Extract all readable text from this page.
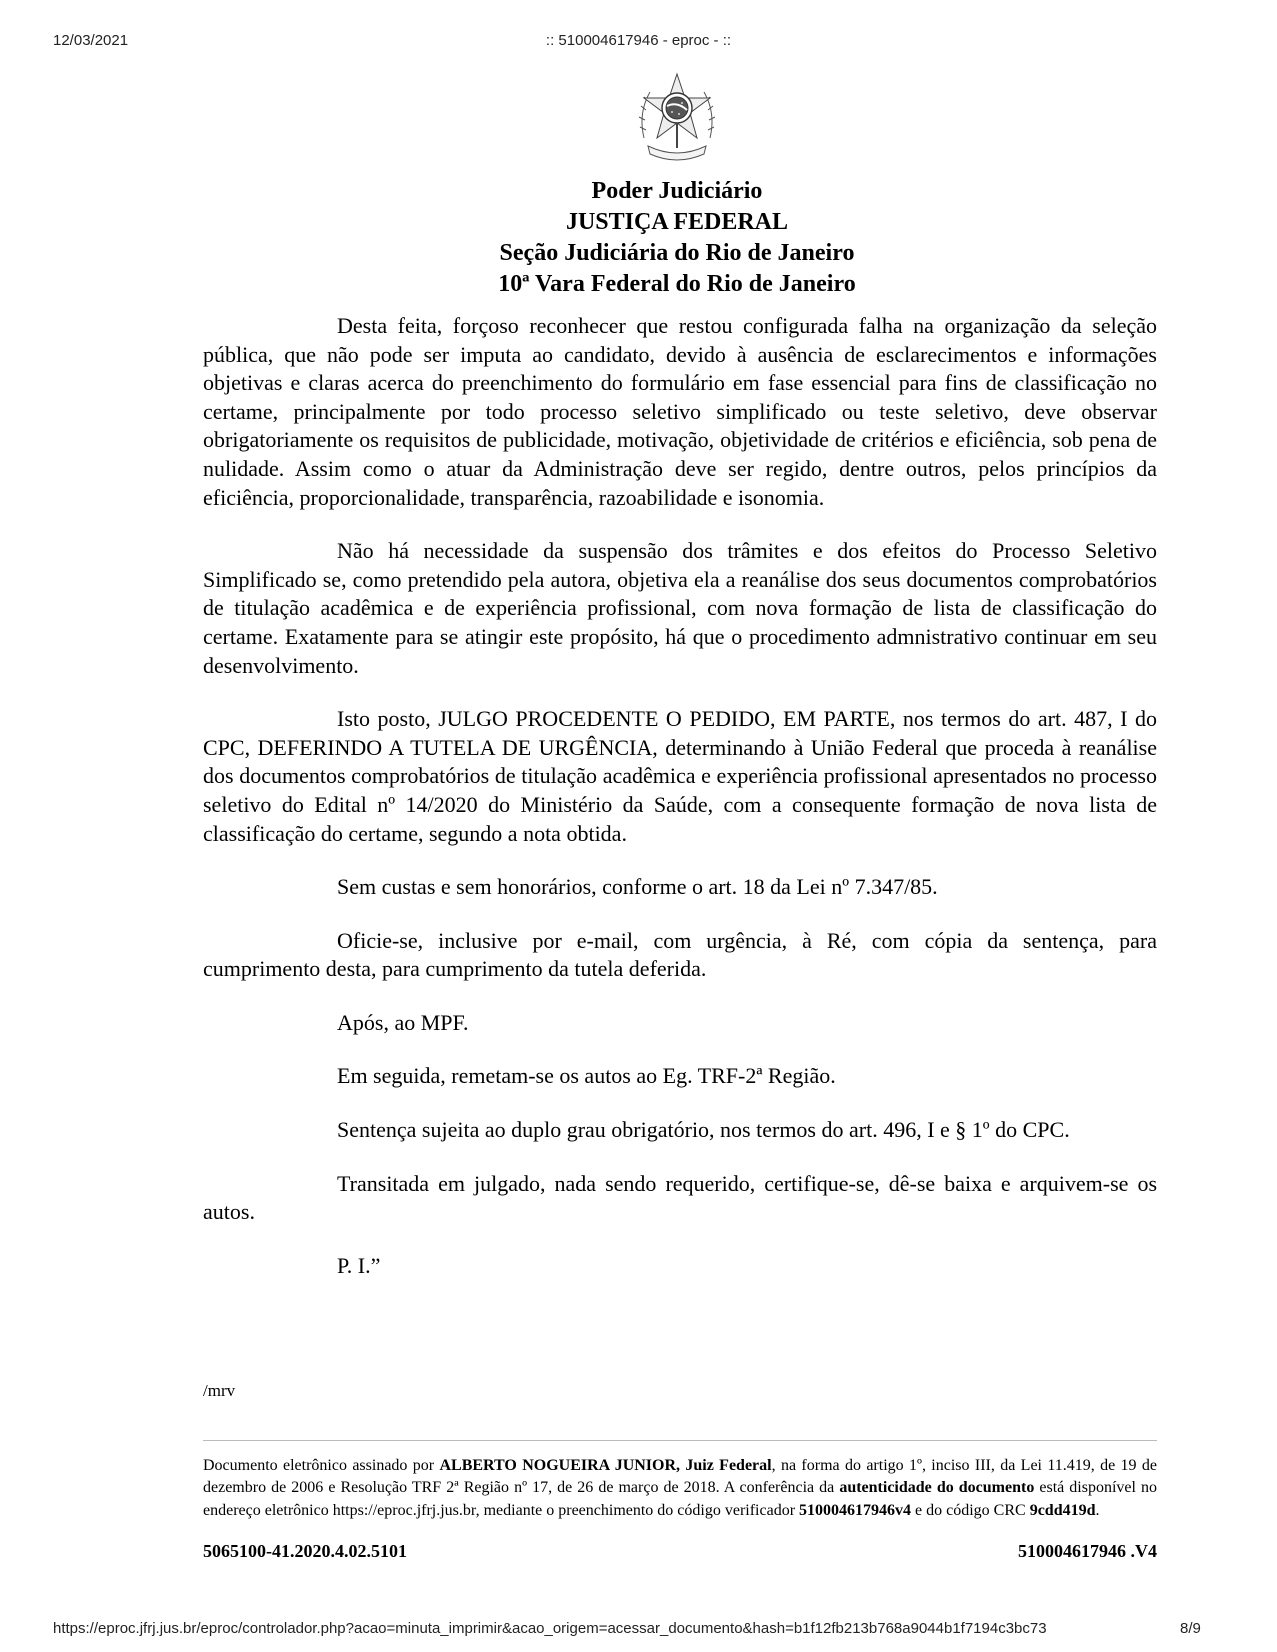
12/03/2021	:: 510004617946 - eproc - ::
Poder Judiciário
JUSTIÇA FEDERAL
Seção Judiciária do Rio de Janeiro
10ª Vara Federal do Rio de Janeiro

Desta feita, forçoso reconhecer que restou configurada falha na organização da seleção pública, que não pode ser imputa ao candidato, devido à ausência de esclarecimentos e informações objetivas e claras acerca do preenchimento do formulário em fase essencial para fins de classificação no certame, principalmente por todo processo seletivo simplificado ou teste seletivo, deve observar obrigatoriamente os requisitos de publicidade, motivação, objetividade de critérios e eficiência, sob pena de nulidade. Assim como o atuar da Administração deve ser regido, dentre outros, pelos princípios da eficiência, proporcionalidade, transparência, razoabilidade e isonomia.

Não há necessidade da suspensão dos trâmites e dos efeitos do Processo Seletivo Simplificado se, como pretendido pela autora, objetiva ela a reanálise dos seus documentos comprobatórios de titulação acadêmica e de experiência profissional, com nova formação de lista de classificação do certame. Exatamente para se atingir este propósito, há que o procedimento admnistrativo continuar em seu desenvolvimento.

Isto posto, JULGO PROCEDENTE O PEDIDO, EM PARTE, nos termos do art. 487, I do CPC, DEFERINDO A TUTELA DE URGÊNCIA, determinando à União Federal que proceda à reanálise dos documentos comprobatórios de titulação acadêmica e experiência profissional apresentados no processo seletivo do Edital nº 14/2020 do Ministério da Saúde, com a consequente formação de nova lista de classificação do certame, segundo a nota obtida.

Sem custas e sem honorários, conforme o art. 18 da Lei nº 7.347/85.

Oficie-se, inclusive por e-mail, com urgência, à Ré, com cópia da sentença, para cumprimento desta, para cumprimento da tutela deferida.

Após, ao MPF.

Em seguida, remetam-se os autos ao Eg. TRF-2ª Região.

Sentença sujeita ao duplo grau obrigatório, nos termos do art. 496, I e § 1º do CPC.

Transitada em julgado, nada sendo requerido, certifique-se, dê-se baixa e arquivem-se os autos.

P. I.”

/mrv
Documento eletrônico assinado por ALBERTO NOGUEIRA JUNIOR, Juiz Federal, na forma do artigo 1º, inciso III, da Lei 11.419, de 19 de dezembro de 2006 e Resolução TRF 2ª Região nº 17, de 26 de março de 2018. A conferência da autenticidade do documento está disponível no endereço eletrônico https://eproc.jfrj.jus.br, mediante o preenchimento do código verificador 510004617946v4 e do código CRC 9cdd419d.
5065100-41.2020.4.02.5101	510004617946 .V4
https://eproc.jfrj.jus.br/eproc/controlador.php?acao=minuta_imprimir&acao_origem=acessar_documento&hash=b1f12fb213b768a9044b1f7194c3bc73	8/9
